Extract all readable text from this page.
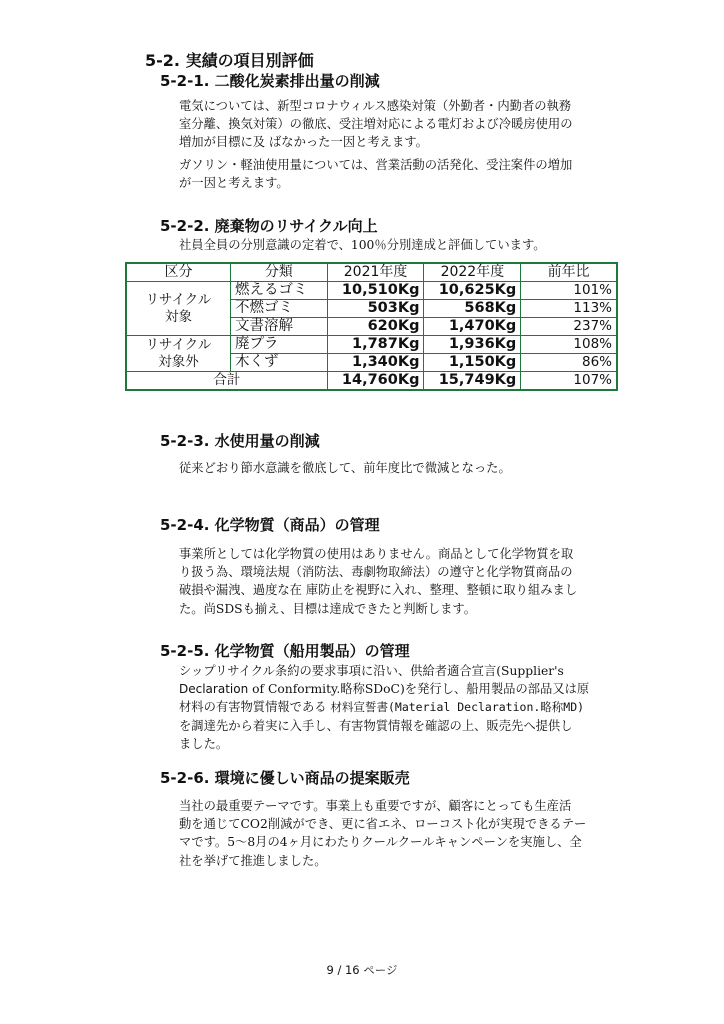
5-2. 実績の項目別評価
5-2-1. 二酸化炭素排出量の削減
電気については、新型コロナウィルス感染対策（外勤者・内勤者の執務
室分離、換気対策）の徹底、受注増対応による電灯および冷暖房使用の
増加が目標に及 ばなかった一因と考えます。
ガソリン・軽油使用量については、営業活動の活発化、受注案件の増加
が一因と考えます。
5-2-2. 廃棄物のリサイクル向上
社員全員の分別意識の定着で、100％分別達成と評価しています。
区分	分類	2021年度	2022年度	前年比
リサイクル
対象	燃えるゴミ	10,510Kg	10,625Kg	101%
	不燃ゴミ	503Kg	568Kg	113%
	文書溶解	620Kg	1,470Kg	237%
リサイクル
対象外	廃プラ	1,787Kg	1,936Kg	108%
	木くず	1,340Kg	1,150Kg	86%
合計		14,760Kg	15,749Kg	107%
5-2-3. 水使用量の削減
従来どおり節水意識を徹底して、前年度比で微減となった。
5-2-4. 化学物質（商品）の管理
事業所としては化学物質の使用はありません。商品として化学物質を取
り扱う為、環境法規（消防法、毒劇物取締法）の遵守と化学物質商品の
破損や漏洩、過度な在 庫防止を視野に入れ、整理、整頓に取り組みまし
た。尚SDSも揃え、目標は達成できたと判断します。
5-2-5. 化学物質（船用製品）の管理
シップリサイクル条約の要求事項に沿い、供給者適合宣言(Supplier's
Declaration of Conformity.略称SDoC)を発行し、船用製品の部品又は原
材料の有害物質情報である 材料宣誓書(Material Declaration.略称MD)
を調達先から着実に入手し、有害物質情報を確認の上、販売先へ提供し
ました。
5-2-6. 環境に優しい商品の提案販売
当社の最重要テーマです。事業上も重要ですが、顧客にとっても生産活
動を通じてCO2削減ができ、更に省エネ、ローコスト化が実現できるテー
マです。5～8月の4ヶ月にわたりクールクールキャンペーンを実施し、全
社を挙げて推進しました。
9 / 16 ページ
